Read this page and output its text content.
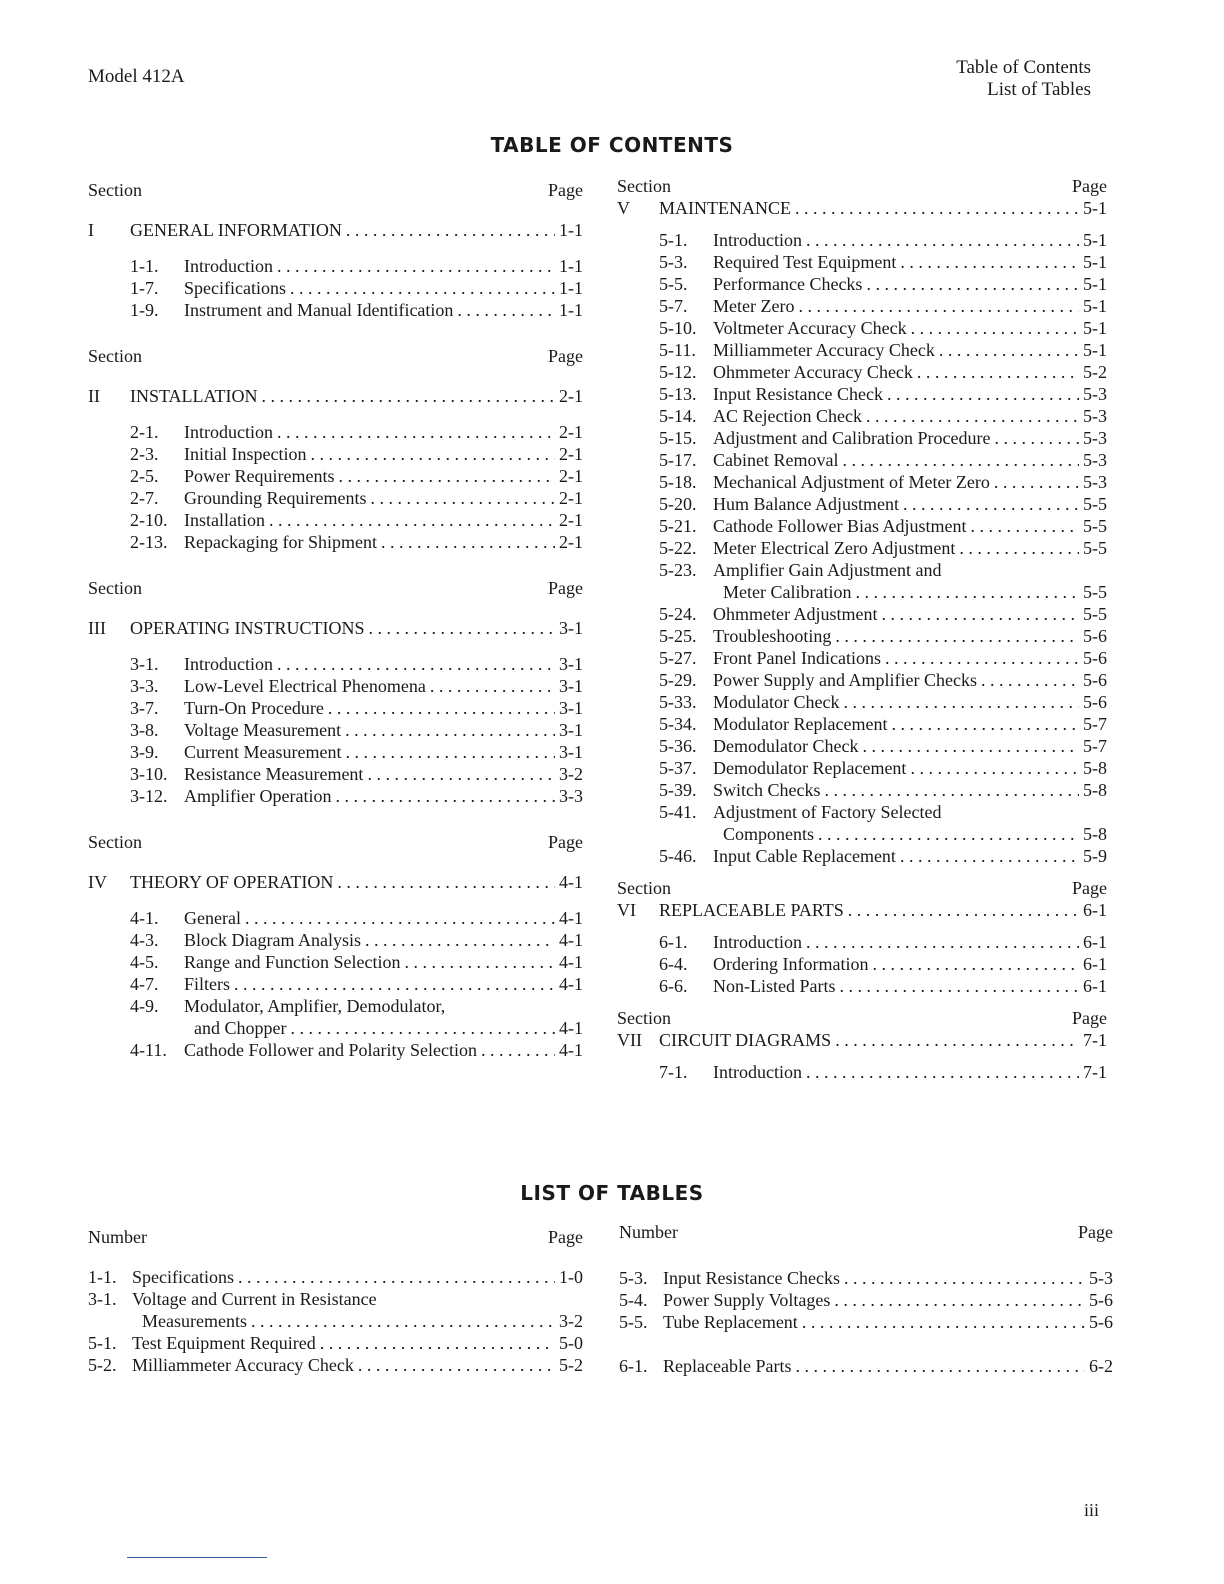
Model 412A	Table of Contents
List of Tables
TABLE OF CONTENTS
Section	Page
I	GENERAL INFORMATION . . .	1-1
1-1.	Introduction . . .	1-1
1-7.	Specifications . . .	1-1
1-9.	Instrument and Manual Identification . . .	1-1
Section	Page
II	INSTALLATION . . .	2-1
2-1.	Introduction . . .	2-1
2-3.	Initial Inspection . . .	2-1
2-5.	Power Requirements . . .	2-1
2-7.	Grounding Requirements . . .	2-1
2-10. Installation . . .	2-1
2-13. Repackaging for Shipment . . .	2-1
Section	Page
III	OPERATING INSTRUCTIONS . . .	3-1
3-1.	Introduction . . .	3-1
3-3.	Low-Level Electrical Phenomena . . .	3-1
3-7.	Turn-On Procedure . . .	3-1
3-8.	Voltage Measurement . . .	3-1
3-9.	Current Measurement . . .	3-1
3-10. Resistance Measurement . . .	3-2
3-12. Amplifier Operation . . .	3-3
Section	Page
IV	THEORY OF OPERATION . . .	4-1
4-1.	General . . .	4-1
4-3.	Block Diagram Analysis . . .	4-1
4-5.	Range and Function Selection . . .	4-1
4-7.	Filters . . .	4-1
4-9.	Modulator, Amplifier, Demodulator,
and Chopper . . .	4-1
4-11. Cathode Follower and Polarity Selection . . .	4-1
Section	Page
V	MAINTENANCE . . .	5-1
5-1.	Introduction . . .	5-1
5-3.	Required Test Equipment . . .	5-1
5-5.	Performance Checks . . .	5-1
5-7.	Meter Zero . . .	5-1
5-10. Voltmeter Accuracy Check . . .	5-1
5-11. Milliammeter Accuracy Check . . .	5-1
5-12. Ohmmeter Accuracy Check . . .	5-2
5-13. Input Resistance Check . . .	5-3
5-14. AC Rejection Check . . .	5-3
5-15. Adjustment and Calibration Procedure . . .	5-3
5-17. Cabinet Removal . . .	5-3
5-18. Mechanical Adjustment of Meter Zero . . .	5-3
5-20. Hum Balance Adjustment . . .	5-5
5-21. Cathode Follower Bias Adjustment . . .	5-5
5-22. Meter Electrical Zero Adjustment . . .	5-5
5-23. Amplifier Gain Adjustment and
Meter Calibration . . .	5-5
5-24. Ohmmeter Adjustment . . .	5-5
5-25. Troubleshooting . . .	5-6
5-27. Front Panel Indications . . .	5-6
5-29. Power Supply and Amplifier Checks . . .	5-6
5-33. Modulator Check . . .	5-6
5-34. Modulator Replacement . . .	5-7
5-36. Demodulator Check . . .	5-7
5-37. Demodulator Replacement . . .	5-8
5-39. Switch Checks . . .	5-8
5-41. Adjustment of Factory Selected
Components . . .	5-8
5-46. Input Cable Replacement . . .	5-9
Section	Page
VI	REPLACEABLE PARTS . . .	6-1
6-1.	Introduction . . .	6-1
6-4.	Ordering Information . . .	6-1
6-6.	Non-Listed Parts . . .	6-1
Section	Page
VII CIRCUIT DIAGRAMS . . .	7-1
7-1.	Introduction . . .	7-1
LIST OF TABLES
Number	Page
1-1. Specifications . . .	1-0
3-1. Voltage and Current in Resistance
Measurements . . .	3-2
5-1. Test Equipment Required . . .	5-0
5-2. Milliammeter Accuracy Check . . .	5-2
Number	Page
5-3. Input Resistance Checks . . .	5-3
5-4. Power Supply Voltages . . .	5-6
5-5. Tube Replacement . . .	5-6
6-1. Replaceable Parts . . .	6-2
iii
